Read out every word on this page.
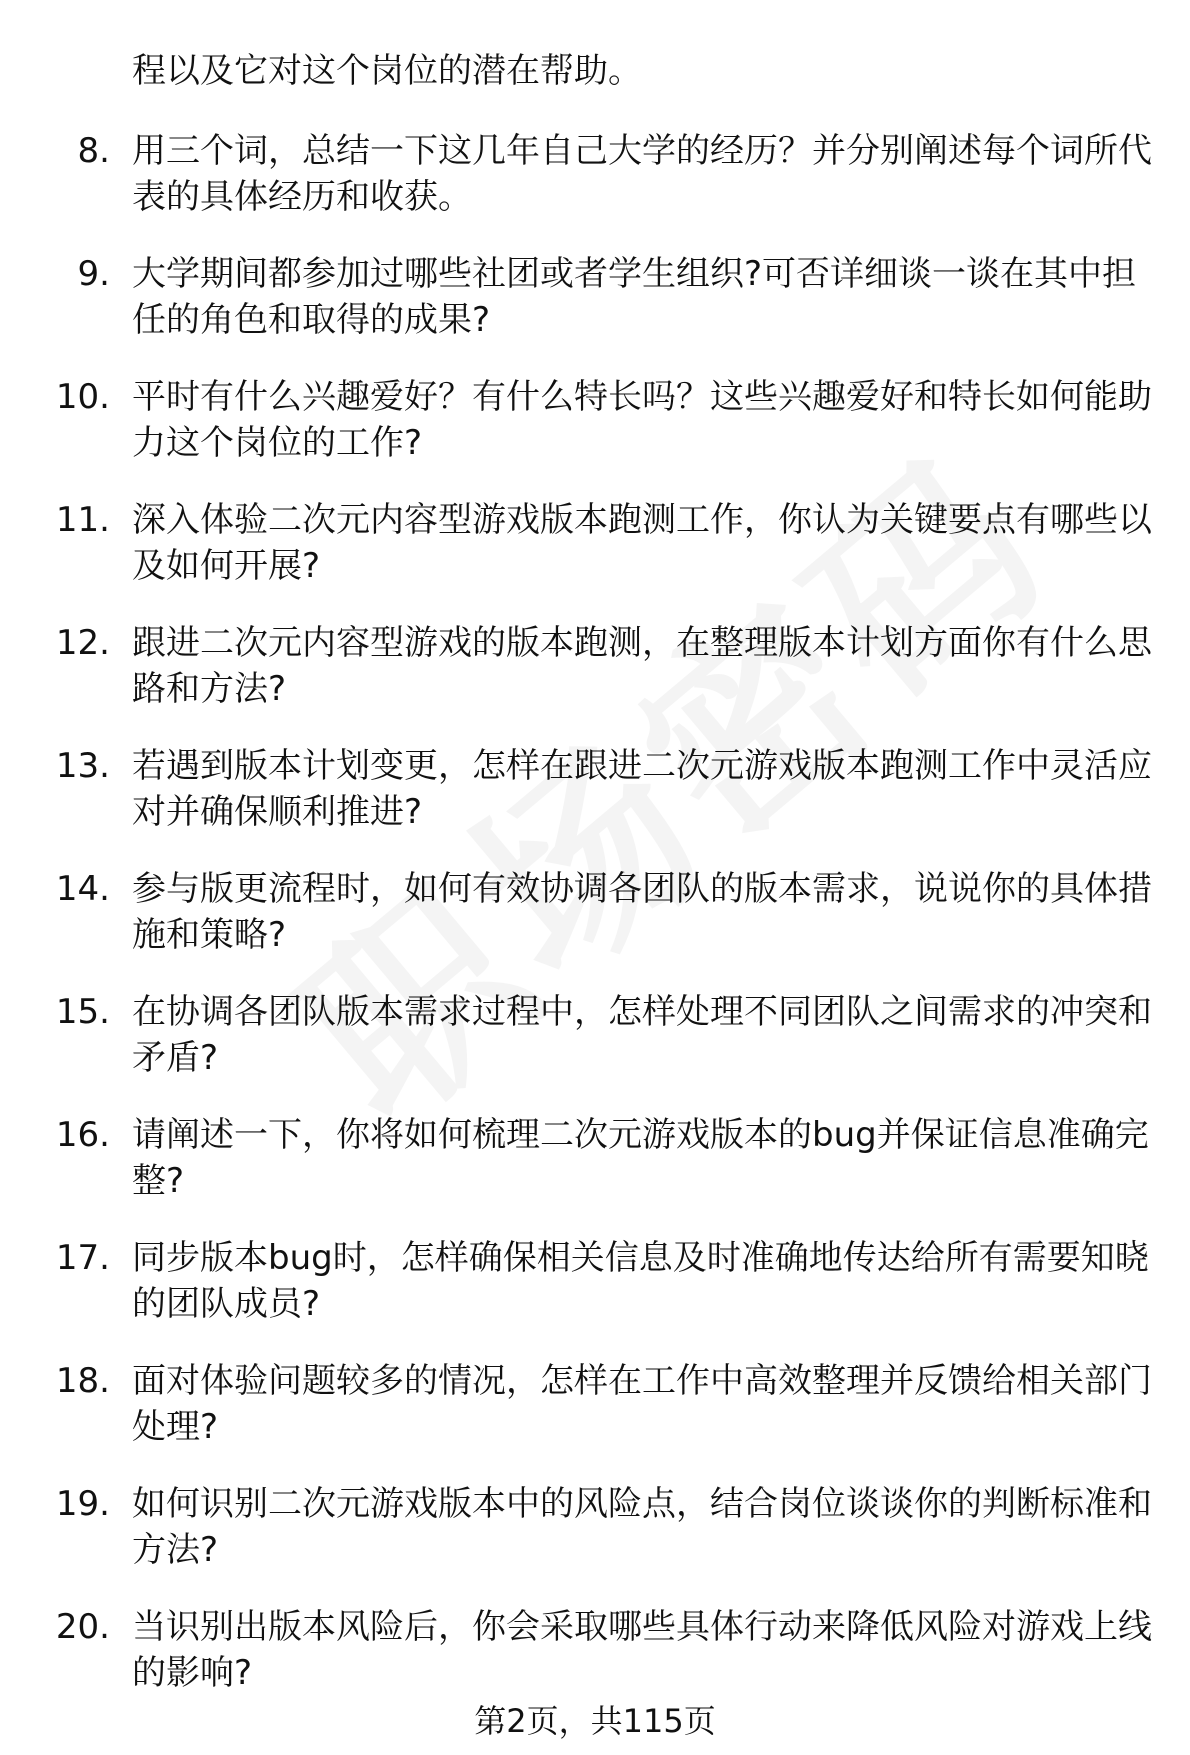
程以及它对这个岗位的潜在帮助。
8. 用三个词，总结一下这几年自己大学的经历？并分别阐述每个词所代表的具体经历和收获。
9. 大学期间都参加过哪些社团或者学生组织?可否详细谈一谈在其中担任的角色和取得的成果?
10. 平时有什么兴趣爱好？有什么特长吗？这些兴趣爱好和特长如何能助力这个岗位的工作?
11. 深入体验二次元内容型游戏版本跑测工作，你认为关键要点有哪些以及如何开展?
12. 跟进二次元内容型游戏的版本跑测，在整理版本计划方面你有什么思路和方法?
13. 若遇到版本计划变更，怎样在跟进二次元游戏版本跑测工作中灵活应对并确保顺利推进?
14. 参与版更流程时，如何有效协调各团队的版本需求，说说你的具体措施和策略?
15. 在协调各团队版本需求过程中，怎样处理不同团队之间需求的冲突和矛盾?
16. 请阐述一下，你将如何梳理二次元游戏版本的bug并保证信息准确完整?
17. 同步版本bug时，怎样确保相关信息及时准确地传达给所有需要知晓的团队成员?
18. 面对体验问题较多的情况，怎样在工作中高效整理并反馈给相关部门处理?
19. 如何识别二次元游戏版本中的风险点，结合岗位谈谈你的判断标准和方法?
20. 当识别出版本风险后，你会采取哪些具体行动来降低风险对游戏上线的影响?
第2页，共115页
